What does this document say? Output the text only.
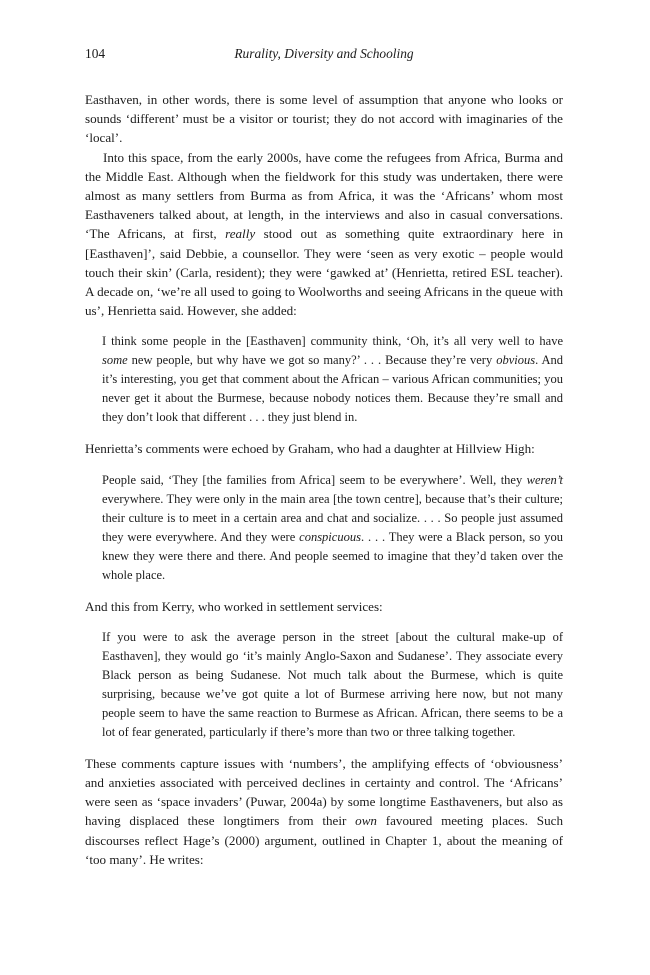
104	Rurality, Diversity and Schooling

Easthaven, in other words, there is some level of assumption that anyone who looks or sounds ‘different’ must be a visitor or tourist; they do not accord with imaginaries of the ‘local’.

Into this space, from the early 2000s, have come the refugees from Africa, Burma and the Middle East. Although when the fieldwork for this study was undertaken, there were almost as many settlers from Burma as from Africa, it was the ‘Africans’ whom most Easthaveners talked about, at length, in the interviews and also in casual conversations. ‘The Africans, at first, really stood out as something quite extraordinary here in [Easthaven]’, said Debbie, a counsellor. They were ‘seen as very exotic – people would touch their skin’ (Carla, resident); they were ‘gawked at’ (Henrietta, retired ESL teacher). A decade on, ‘we’re all used to going to Woolworths and seeing Africans in the queue with us’, Henrietta said. However, she added:

I think some people in the [Easthaven] community think, ‘Oh, it’s all very well to have some new people, but why have we got so many?’ . . . Because they’re very obvious. And it’s interesting, you get that comment about the African – various African communities; you never get it about the Burmese, because nobody notices them. Because they’re small and they don’t look that different . . . they just blend in.

Henrietta’s comments were echoed by Graham, who had a daughter at Hillview High:

People said, ‘They [the families from Africa] seem to be everywhere’. Well, they weren’t everywhere. They were only in the main area [the town centre], because that’s their culture; their culture is to meet in a certain area and chat and socialize. . . . So people just assumed they were everywhere. And they were conspicuous. . . . They were a Black person, so you knew they were there and there. And people seemed to imagine that they’d taken over the whole place.

And this from Kerry, who worked in settlement services:

If you were to ask the average person in the street [about the cultural make-up of Easthaven], they would go ‘it’s mainly Anglo-Saxon and Sudanese’. They associate every Black person as being Sudanese. Not much talk about the Burmese, which is quite surprising, because we’ve got quite a lot of Burmese arriving here now, but not many people seem to have the same reaction to Burmese as African. African, there seems to be a lot of fear generated, particularly if there’s more than two or three talking together.

These comments capture issues with ‘numbers’, the amplifying effects of ‘obviousness’ and anxieties associated with perceived declines in certainty and control. The ‘Africans’ were seen as ‘space invaders’ (Puwar, 2004a) by some longtime Easthaveners, but also as having displaced these longtimers from their own favoured meeting places. Such discourses reflect Hage’s (2000) argument, outlined in Chapter 1, about the meaning of ‘too many’. He writes:
